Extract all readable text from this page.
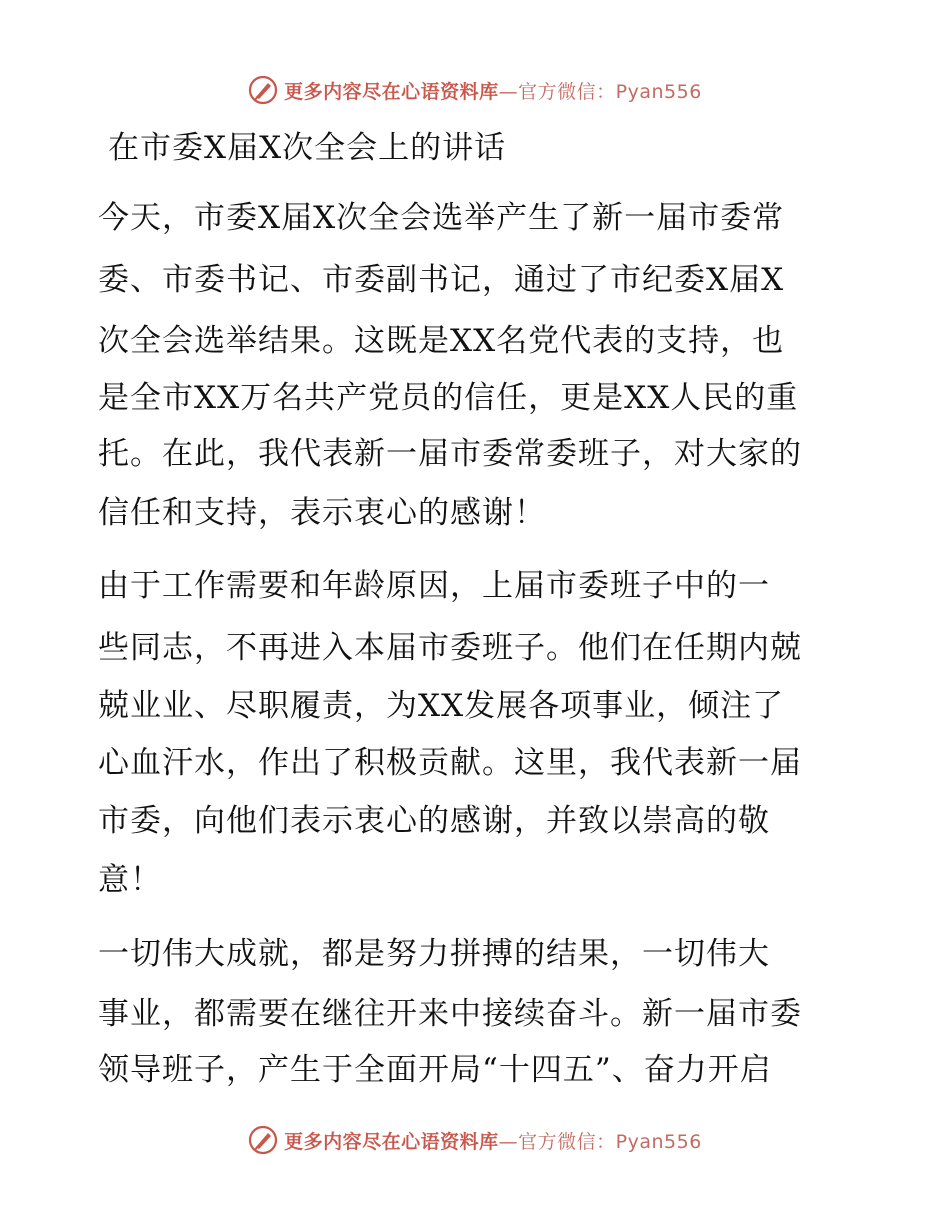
更多内容尽在心语资料库—官方微信：Pyan556
在市委X届X次全会上的讲话
今天，市委X届X次全会选举产生了新一届市委常
委、市委书记、市委副书记，通过了市纪委X届X
次全会选举结果。这既是XX名党代表的支持，也
是全市XX万名共产党员的信任，更是XX人民的重
托。在此，我代表新一届市委常委班子，对大家的
信任和支持，表示衷心的感谢！
由于工作需要和年龄原因，上届市委班子中的一
些同志，不再进入本届市委班子。他们在任期内兢
兢业业、尽职履责，为XX发展各项事业，倾注了
心血汗水，作出了积极贡献。这里，我代表新一届
市委，向他们表示衷心的感谢，并致以崇高的敬
意！
一切伟大成就，都是努力拼搏的结果，一切伟大
事业，都需要在继往开来中接续奋斗。新一届市委
领导班子，产生于全面开局“十四五”、奋力开启
更多内容尽在心语资料库—官方微信：Pyan556
